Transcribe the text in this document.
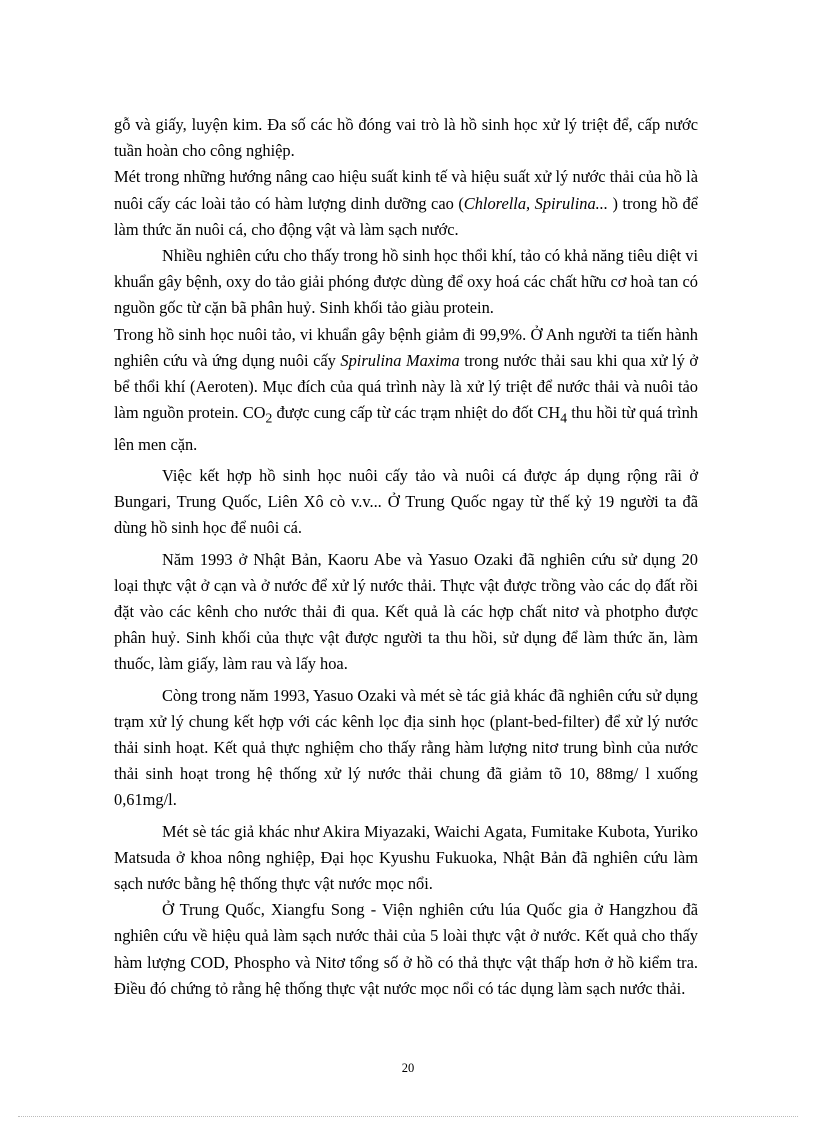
gỗ và giấy, luyện kim. Đa số các hồ đóng vai trò là hồ sinh học xử lý triệt để, cấp nước tuần hoàn cho công nghiệp.

Mét trong những hướng nâng cao hiệu suất kinh tế và hiệu suất xử lý nước thải của hồ là nuôi cấy các loài tảo có hàm lượng dinh dưỡng cao (Chlorella, Spirulina... ) trong hồ để làm thức ăn nuôi cá, cho động vật và làm sạch nước.

Nhiều nghiên cứu cho thấy trong hồ sinh học thổi khí, tảo có khả năng tiêu diệt vi khuẩn gây bệnh, oxy do tảo giải phóng được dùng để oxy hoá các chất hữu cơ hoà tan có nguồn gốc từ cặn bã phân huỷ. Sinh khối tảo giàu protein.

Trong hồ sinh học nuôi tảo, vi khuẩn gây bệnh giảm đi 99,9%. Ở Anh người ta tiến hành nghiên cứu và ứng dụng nuôi cấy Spirulina Maxima trong nước thải sau khi qua xử lý ở bể thổi khí (Aeroten). Mục đích của quá trình này là xử lý triệt để nước thải và nuôi tảo làm nguồn protein. $CO_2$ được cung cấp từ các trạm nhiệt do đốt $CH_4$ thu hồi từ quá trình lên men cặn.

Việc kết hợp hồ sinh học nuôi cấy tảo và nuôi cá được áp dụng rộng rãi ở Bungari, Trung Quốc, Liên Xô cò v.v... Ở Trung Quốc ngay từ thế kỷ 19 người ta đã dùng hồ sinh học để nuôi cá.

Năm 1993 ở Nhật Bản, Kaoru Abe và Yasuo Ozaki đã nghiên cứu sử dụng 20 loại thực vật ở cạn và ở nước để xử lý nước thải. Thực vật được trồng vào các dọ đất rồi đặt vào các kênh cho nước thải đi qua. Kết quả là các hợp chất nitơ và photpho được phân huỷ. Sinh khối của thực vật được người ta thu hồi, sử dụng để làm thức ăn, làm thuốc, làm giấy, làm rau và lấy hoa.

Còng trong năm 1993, Yasuo Ozaki và mét sè tác giả khác đã nghiên cứu sử dụng trạm xử lý chung kết hợp với các kênh lọc địa sinh học (plant-bed-filter) để xử lý nước thải sinh hoạt. Kết quả thực nghiệm cho thấy rằng hàm lượng nitơ trung bình của nước thải sinh hoạt trong hệ thống xử lý nước thải chung đã giảm tõ 10, 88mg/ l xuống 0,61mg/l.

Mét sè tác giả khác như Akira Miyazaki, Waichi Agata, Fumitake Kubota, Yuriko Matsuda ở khoa nông nghiệp, Đại học Kyushu Fukuoka, Nhật Bản đã nghiên cứu làm sạch nước bằng hệ thống thực vật nước mọc nổi.

Ở Trung Quốc, Xiangfu Song - Viện nghiên cứu lúa Quốc gia ở Hangzhou đã nghiên cứu về hiệu quả làm sạch nước thải của 5 loài thực vật ở nước. Kết quả cho thấy hàm lượng COD, Phospho và Nitơ tổng số ở hồ có thả thực vật thấp hơn ở hồ kiểm tra. Điều đó chứng tỏ rằng hệ thống thực vật nước mọc nổi có tác dụng làm sạch nước thải.

20
